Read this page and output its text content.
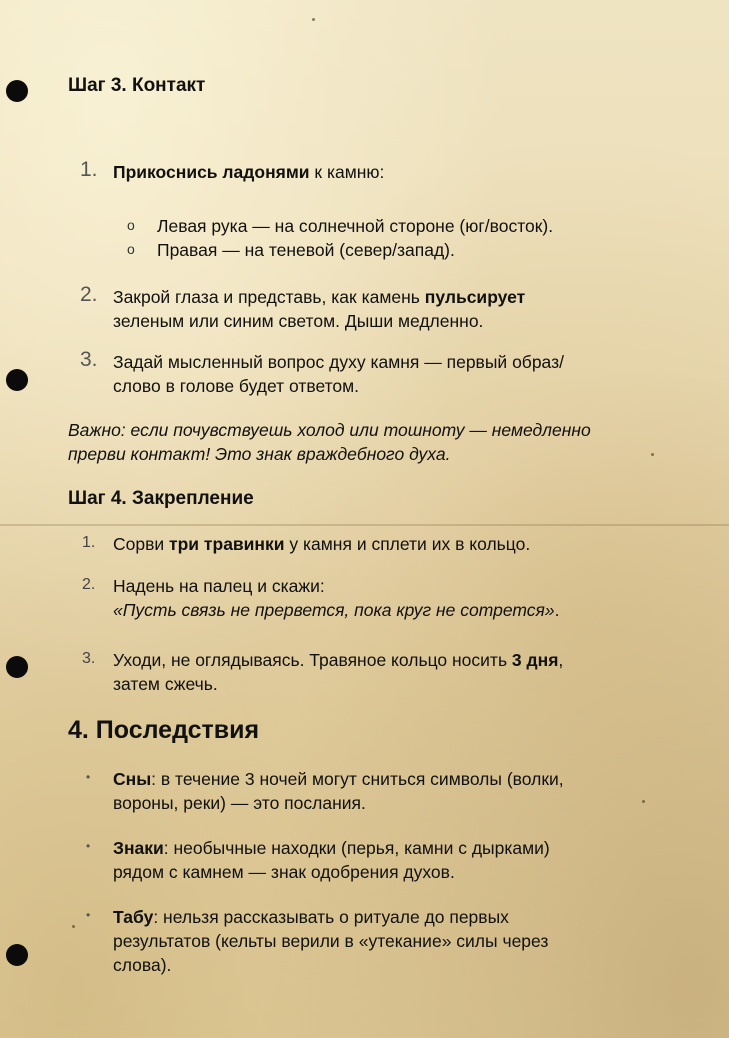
Шаг 3. Контакт
1. Прикоснись ладонями к камню:
o Левая рука — на солнечной стороне (юг/восток).
o Правая — на теневой (север/запад).
2. Закрой глаза и представь, как камень пульсирует
зеленым или синим светом. Дыши медленно.
3. Задай мысленный вопрос духу камня — первый образ/
слово в голове будет ответом.
Важно: если почувствуешь холод или тошноту — немедленно
прерви контакт! Это знак враждебного духа.
Шаг 4. Закрепление
1. Сорви три травинки у камня и сплети их в кольцо.
2. Надень на палец и скажи:
«Пусть связь не прервется, пока круг не сотрется».
3. Уходи, не оглядываясь. Травяное кольцо носить 3 дня,
затем сжечь.
4. Последствия
• Сны: в течение 3 ночей могут сниться символы (волки,
вороны, реки) — это послания.
• Знаки: необычные находки (перья, камни с дырками)
рядом с камнем — знак одобрения духов.
• Табу: нельзя рассказывать о ритуале до первых
результатов (кельты верили в «утекание» силы через
слова).
